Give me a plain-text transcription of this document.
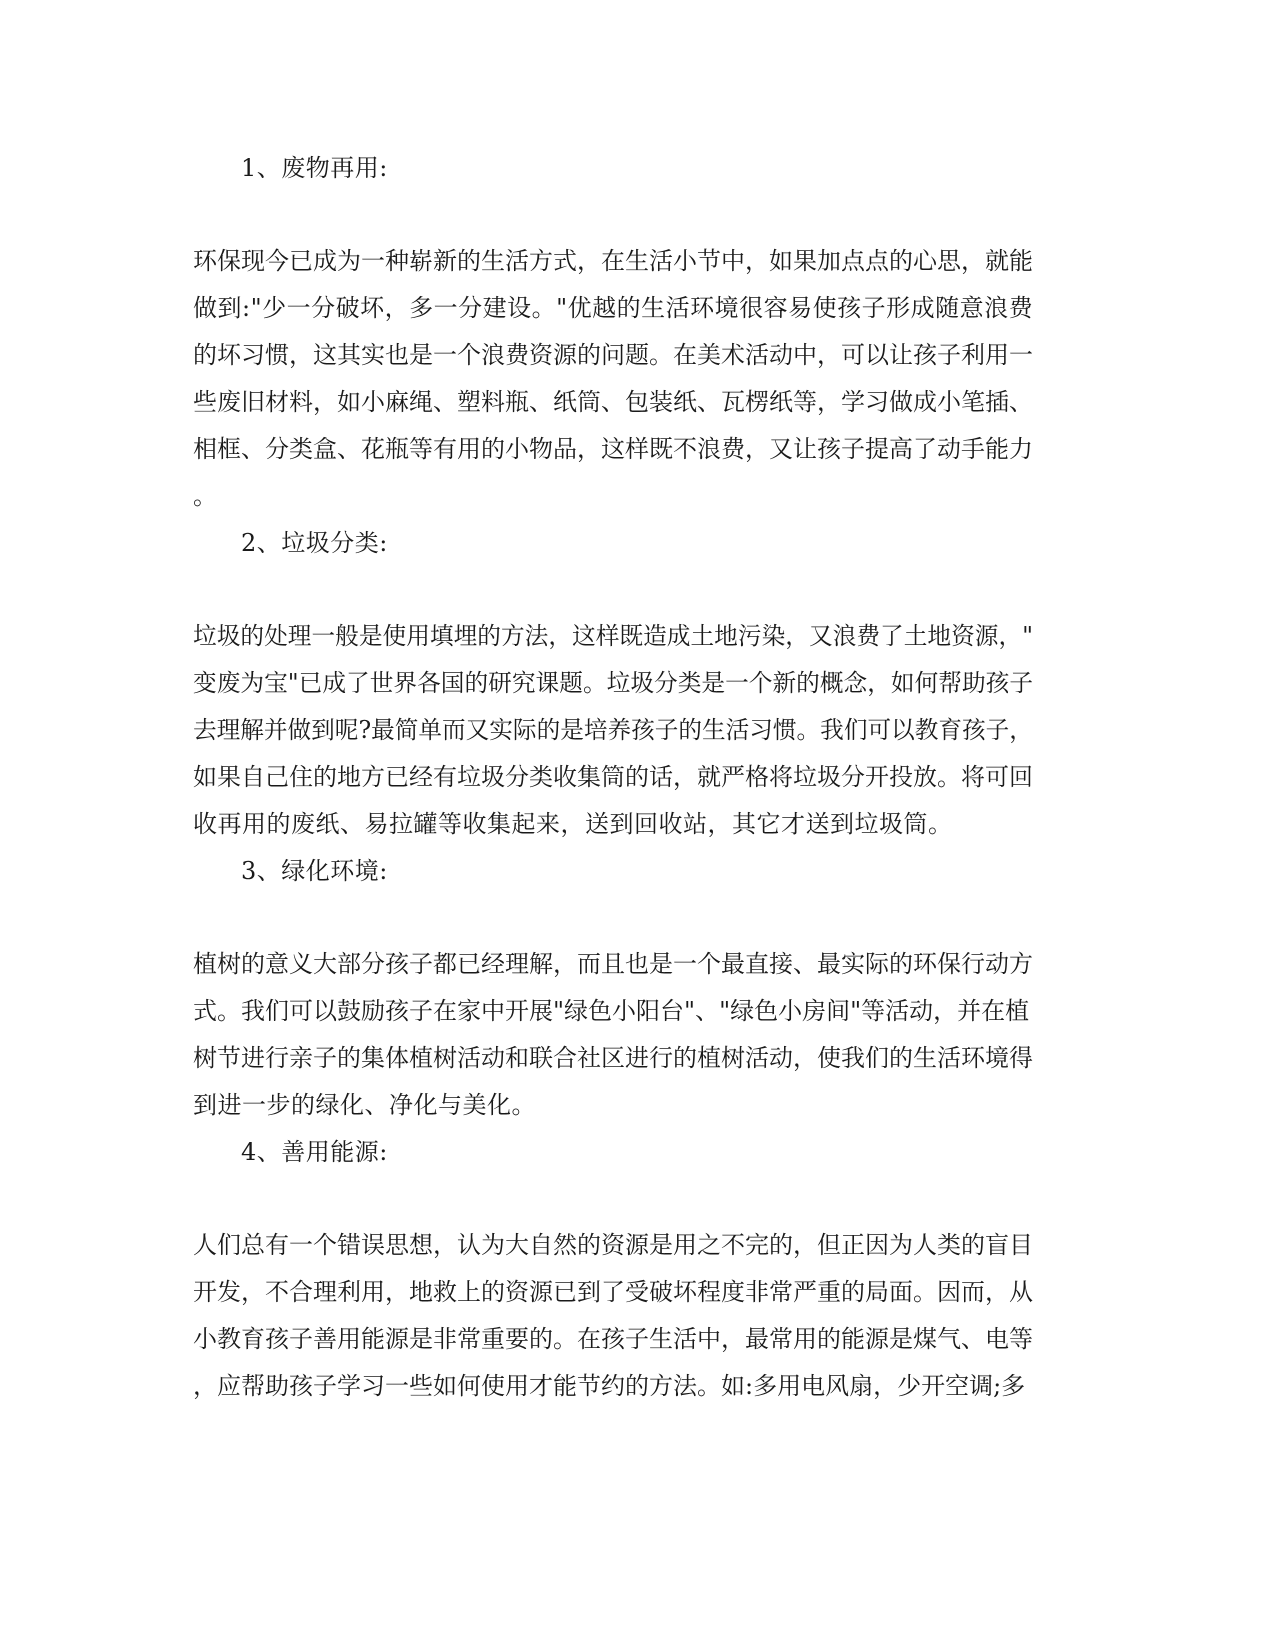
1、废物再用:
环保现今已成为一种崭新的生活方式，在生活小节中，如果加点点的心思，就能
做到:"少一分破坏，多一分建设。"优越的生活环境很容易使孩子形成随意浪费
的坏习惯，这其实也是一个浪费资源的问题。在美术活动中，可以让孩子利用一
些废旧材料，如小麻绳、塑料瓶、纸筒、包装纸、瓦楞纸等，学习做成小笔插、
相框、分类盒、花瓶等有用的小物品，这样既不浪费，又让孩子提高了动手能力
。
2、垃圾分类:
垃圾的处理一般是使用填埋的方法，这样既造成土地污染，又浪费了土地资源，"
变废为宝"已成了世界各国的研究课题。垃圾分类是一个新的概念，如何帮助孩子
去理解并做到呢?最简单而又实际的是培养孩子的生活习惯。我们可以教育孩子，
如果自己住的地方已经有垃圾分类收集筒的话，就严格将垃圾分开投放。将可回
收再用的废纸、易拉罐等收集起来，送到回收站，其它才送到垃圾筒。
3、绿化环境:
植树的意义大部分孩子都已经理解，而且也是一个最直接、最实际的环保行动方
式。我们可以鼓励孩子在家中开展"绿色小阳台"、"绿色小房间"等活动，并在植
树节进行亲子的集体植树活动和联合社区进行的植树活动，使我们的生活环境得
到进一步的绿化、净化与美化。
4、善用能源:
人们总有一个错误思想，认为大自然的资源是用之不完的，但正因为人类的盲目
开发，不合理利用，地救上的资源已到了受破坏程度非常严重的局面。因而，从
小教育孩子善用能源是非常重要的。在孩子生活中，最常用的能源是煤气、电等
，应帮助孩子学习一些如何使用才能节约的方法。如:多用电风扇，少开空调;多
